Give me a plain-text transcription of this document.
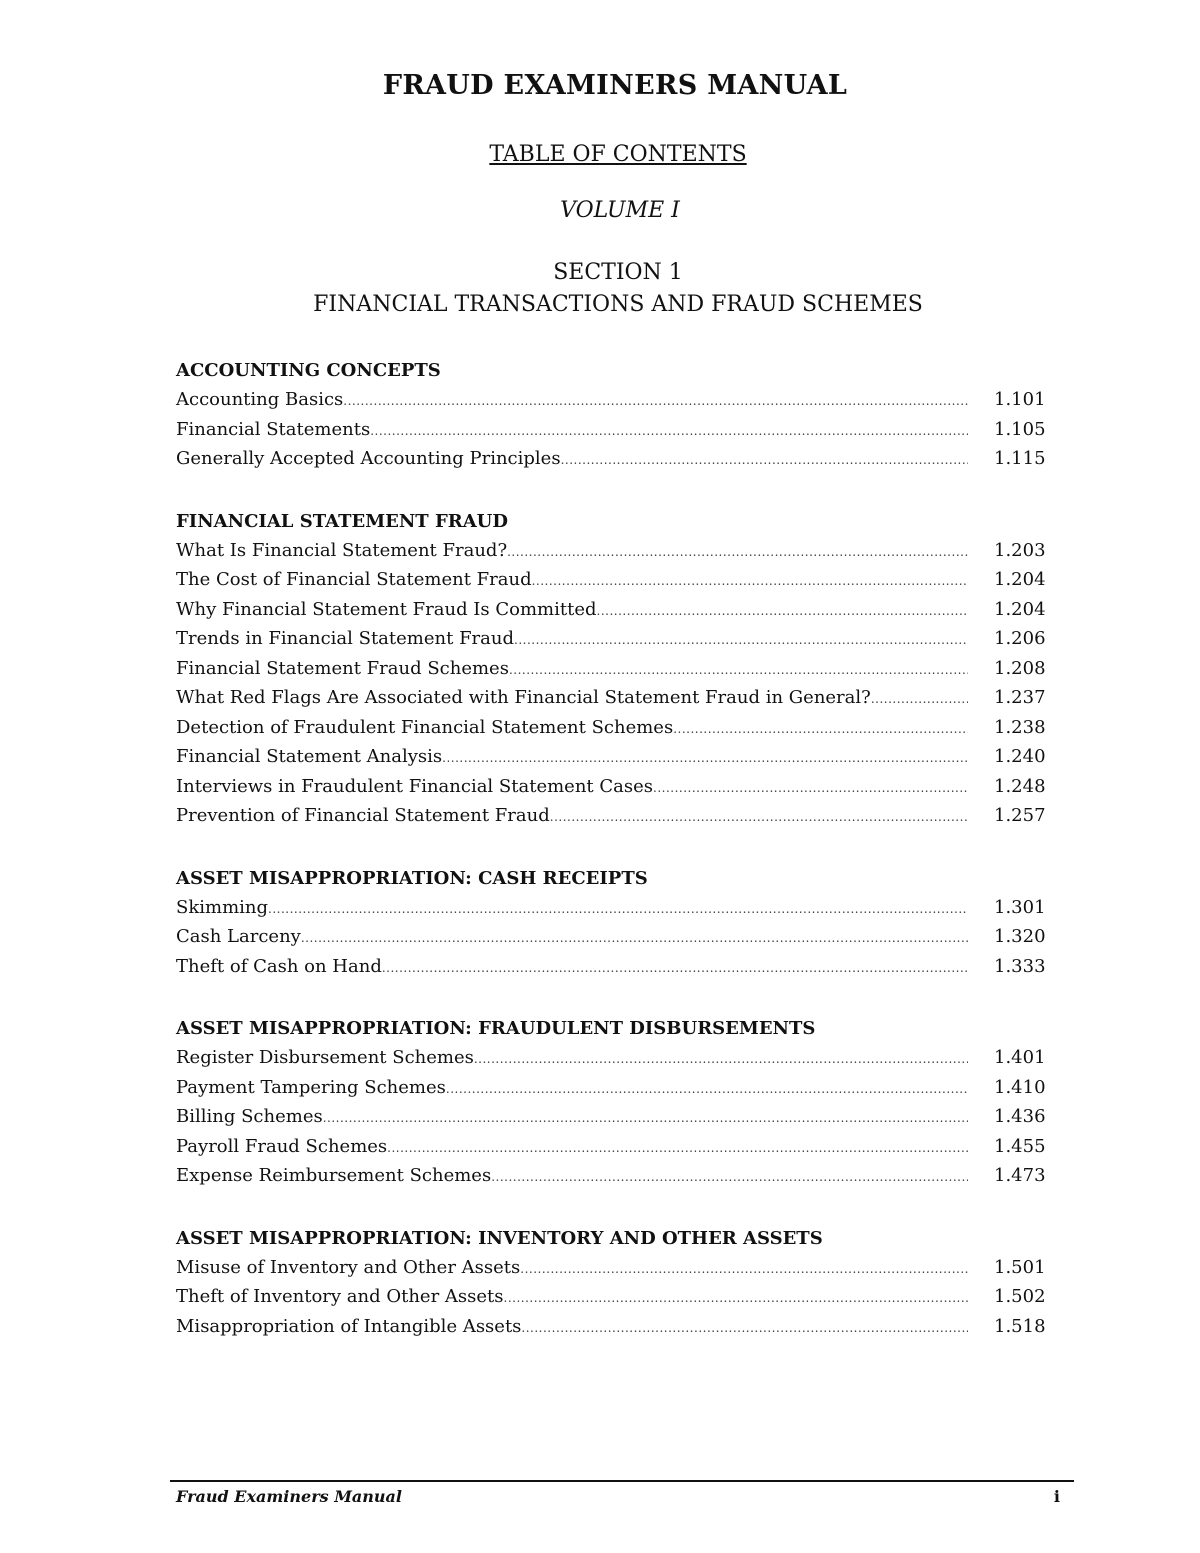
FRAUD EXAMINERS MANUAL
TABLE OF CONTENTS
VOLUME I
SECTION 1
FINANCIAL TRANSACTIONS AND FRAUD SCHEMES
ACCOUNTING CONCEPTS
Accounting Basics .....	1.101
Financial Statements .....	1.105
Generally Accepted Accounting Principles .....	1.115
FINANCIAL STATEMENT FRAUD
What Is Financial Statement Fraud? .....	1.203
The Cost of Financial Statement Fraud .....	1.204
Why Financial Statement Fraud Is Committed .....	1.204
Trends in Financial Statement Fraud .....	1.206
Financial Statement Fraud Schemes .....	1.208
What Red Flags Are Associated with Financial Statement Fraud in General? .....	1.237
Detection of Fraudulent Financial Statement Schemes .....	1.238
Financial Statement Analysis .....	1.240
Interviews in Fraudulent Financial Statement Cases .....	1.248
Prevention of Financial Statement Fraud .....	1.257
ASSET MISAPPROPRIATION: CASH RECEIPTS
Skimming .....	1.301
Cash Larceny .....	1.320
Theft of Cash on Hand .....	1.333
ASSET MISAPPROPRIATION: FRAUDULENT DISBURSEMENTS
Register Disbursement Schemes .....	1.401
Payment Tampering Schemes .....	1.410
Billing Schemes .....	1.436
Payroll Fraud Schemes .....	1.455
Expense Reimbursement Schemes .....	1.473
ASSET MISAPPROPRIATION: INVENTORY AND OTHER ASSETS
Misuse of Inventory and Other Assets .....	1.501
Theft of Inventory and Other Assets .....	1.502
Misappropriation of Intangible Assets .....	1.518
Fraud Examiners Manual	i
